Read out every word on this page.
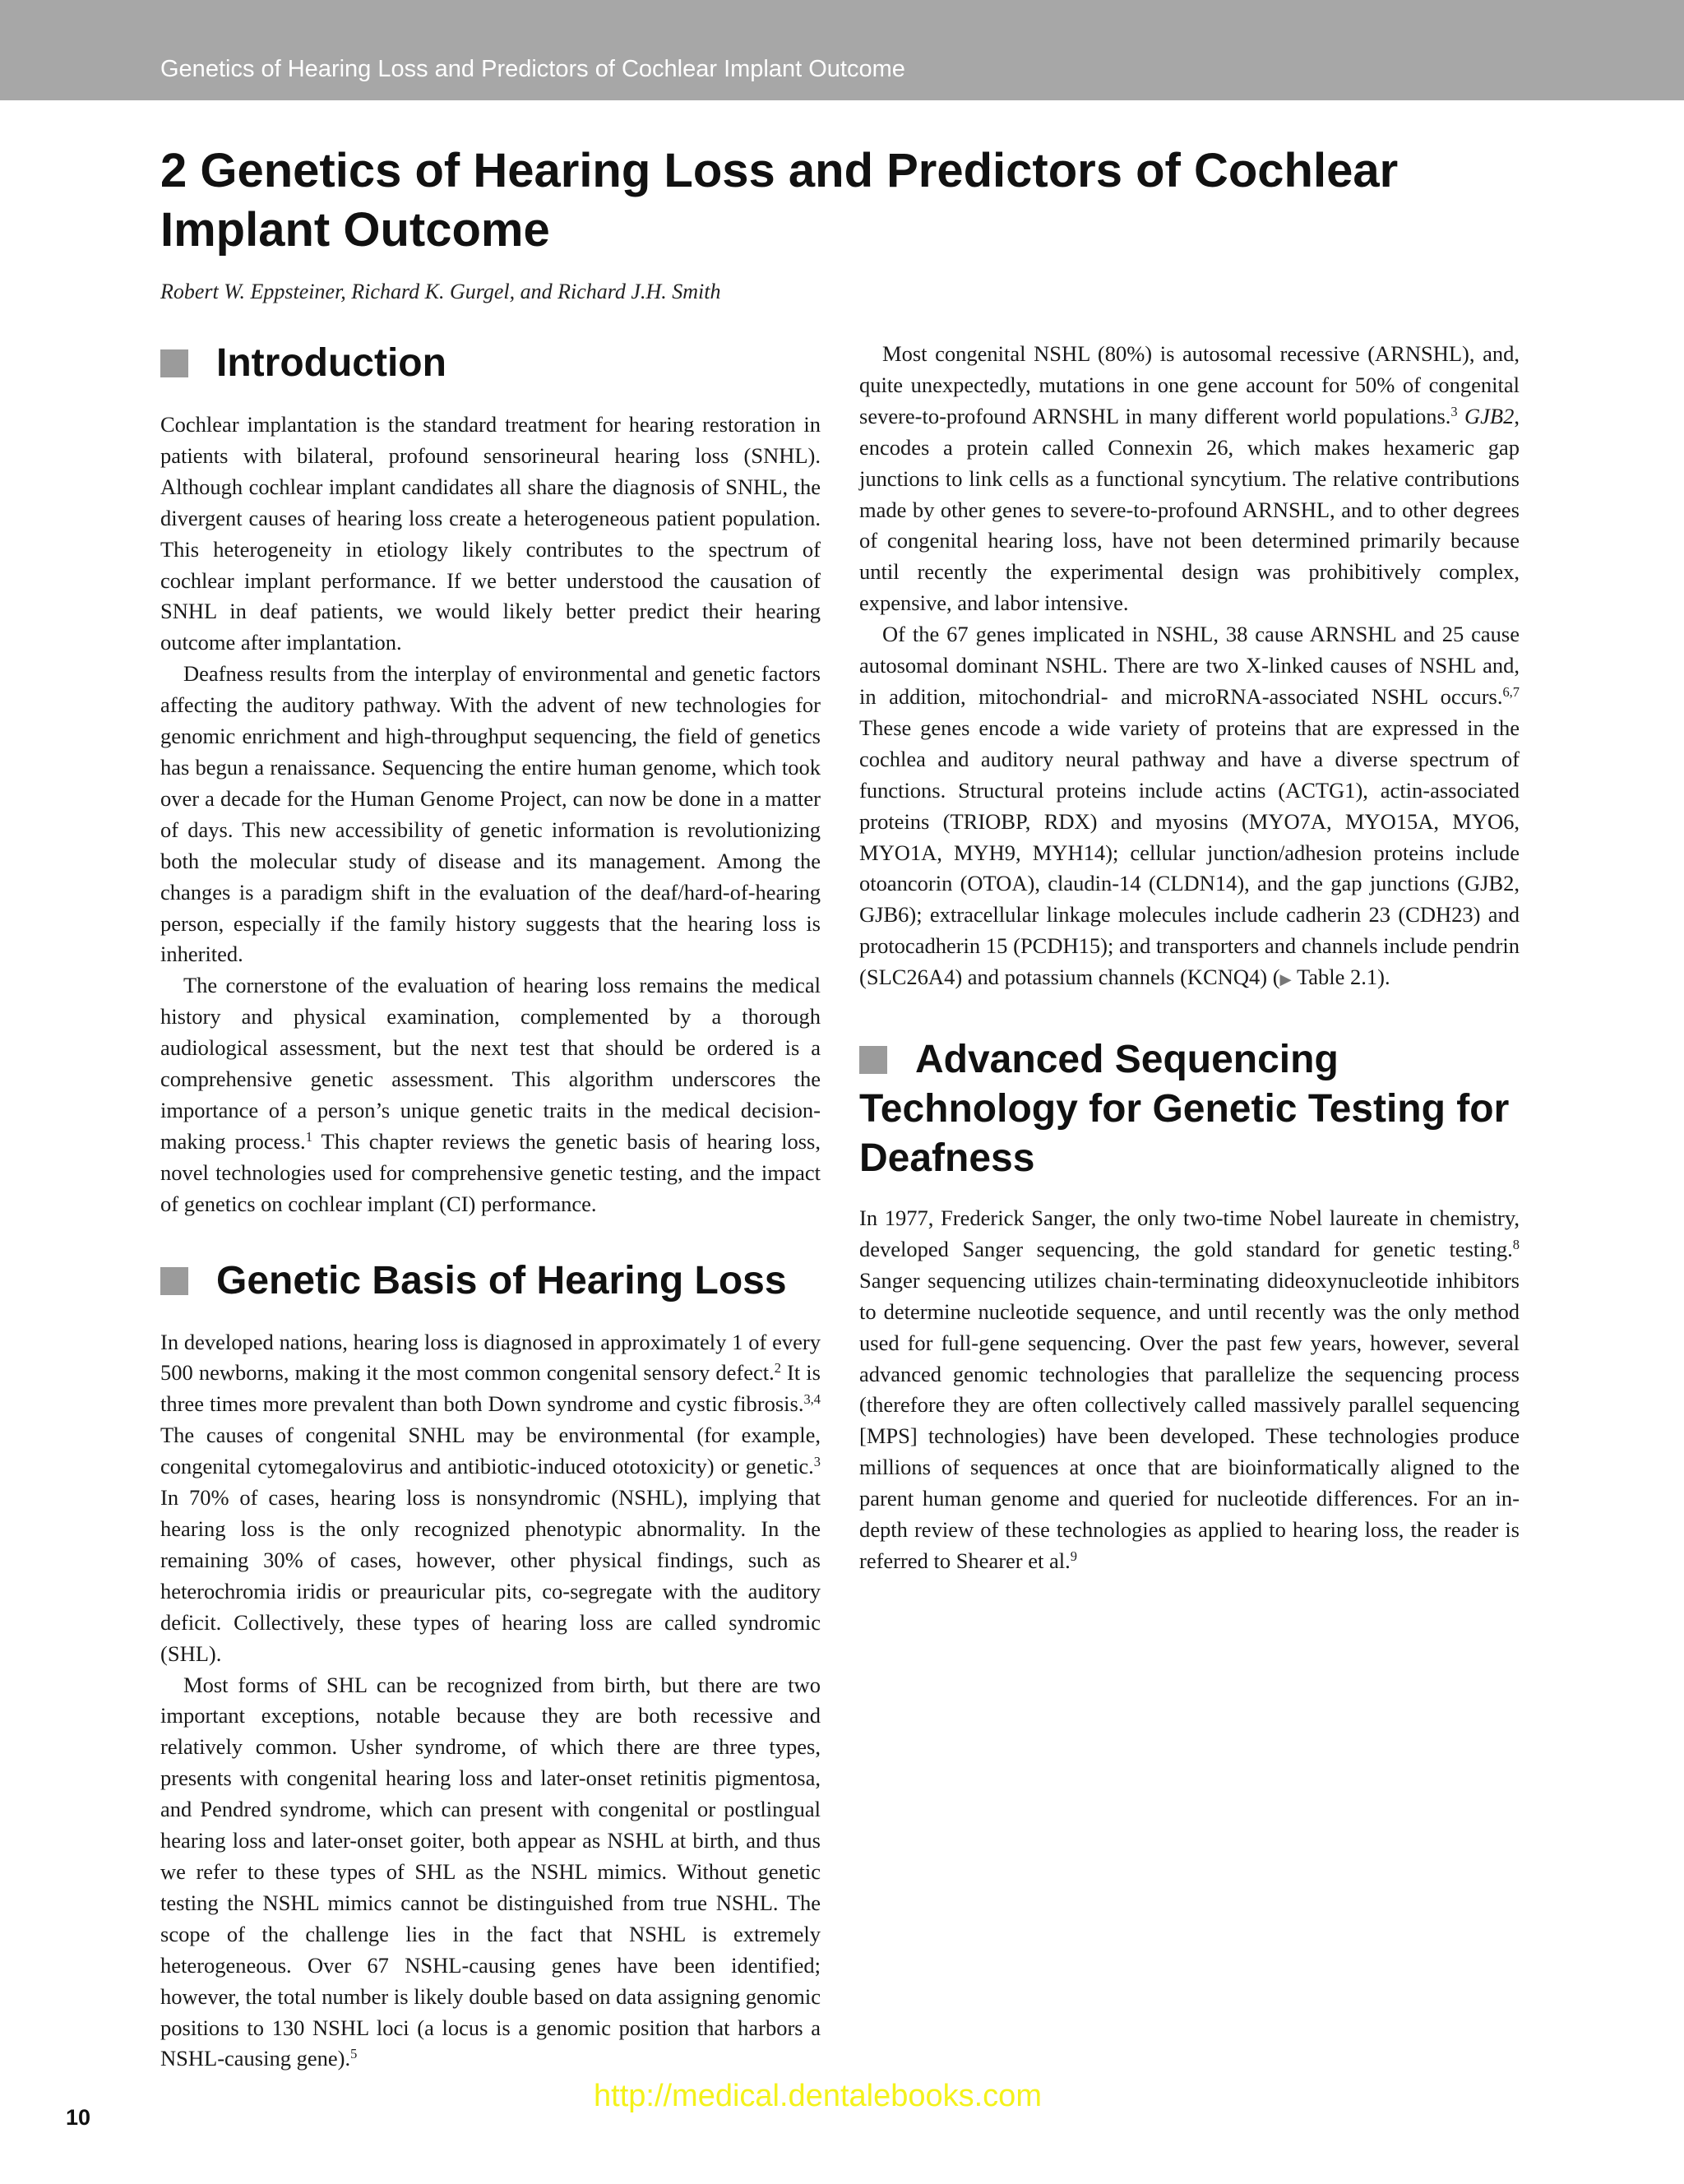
Genetics of Hearing Loss and Predictors of Cochlear Implant Outcome
2 Genetics of Hearing Loss and Predictors of Cochlear Implant Outcome

Robert W. Eppsteiner, Richard K. Gurgel, and Richard J.H. Smith

Introduction

Cochlear implantation is the standard treatment for hearing restoration in patients with bilateral, profound sensorineural hearing loss (SNHL). Although cochlear implant candidates all share the diagnosis of SNHL, the divergent causes of hearing loss create a heterogeneous patient population. This heterogeneity in etiology likely contributes to the spectrum of cochlear implant performance. If we better understood the causation of SNHL in deaf patients, we would likely better predict their hearing outcome after implantation.

Deafness results from the interplay of environmental and genetic factors affecting the auditory pathway. With the advent of new technologies for genomic enrichment and high-throughput sequencing, the field of genetics has begun a renaissance. Sequencing the entire human genome, which took over a decade for the Human Genome Project, can now be done in a matter of days. This new accessibility of genetic information is revolutionizing both the molecular study of disease and its management. Among the changes is a paradigm shift in the evaluation of the deaf/hard-of-hearing person, especially if the family history suggests that the hearing loss is inherited.

The cornerstone of the evaluation of hearing loss remains the medical history and physical examination, complemented by a thorough audiological assessment, but the next test that should be ordered is a comprehensive genetic assessment. This algorithm underscores the importance of a person’s unique genetic traits in the medical decision-making process.$^1$ This chapter reviews the genetic basis of hearing loss, novel technologies used for comprehensive genetic testing, and the impact of genetics on cochlear implant (CI) performance.

Genetic Basis of Hearing Loss

In developed nations, hearing loss is diagnosed in approximately 1 of every 500 newborns, making it the most common congenital sensory defect.$^2$ It is three times more prevalent than both Down syndrome and cystic fibrosis.$^{3,4}$ The causes of congenital SNHL may be environmental (for example, congenital cytomegalovirus and antibiotic-induced ototoxicity) or genetic.$^3$ In 70% of cases, hearing loss is nonsyndromic (NSHL), implying that hearing loss is the only recognized phenotypic abnormality. In the remaining 30% of cases, however, other physical findings, such as heterochromia iridis or preauricular pits, co-segregate with the auditory deficit. Collectively, these types of hearing loss are called syndromic (SHL).

Most forms of SHL can be recognized from birth, but there are two important exceptions, notable because they are both recessive and relatively common. Usher syndrome, of which there are three types, presents with congenital hearing loss and later-onset retinitis pigmentosa, and Pendred syndrome, which can present with congenital or postlingual hearing loss and later-onset goiter, both appear as NSHL at birth, and thus we refer to these types of SHL as the NSHL mimics. Without genetic testing the NSHL mimics cannot be distinguished from true NSHL. The scope of the challenge lies in the fact that NSHL is extremely heterogeneous. Over 67 NSHL-causing genes have been identified; however, the total number is likely double based on data assigning genomic positions to 130 NSHL loci (a locus is a genomic position that harbors a NSHL-causing gene).$^5$

Most congenital NSHL (80%) is autosomal recessive (ARNSHL), and, quite unexpectedly, mutations in one gene account for 50% of congenital severe-to-profound ARNSHL in many different world populations.$^3$ GJB2, encodes a protein called Connexin 26, which makes hexameric gap junctions to link cells as a functional syncytium. The relative contributions made by other genes to severe-to-profound ARNSHL, and to other degrees of congenital hearing loss, have not been determined primarily because until recently the experimental design was prohibitively complex, expensive, and labor intensive.

Of the 67 genes implicated in NSHL, 38 cause ARNSHL and 25 cause autosomal dominant NSHL. There are two X-linked causes of NSHL and, in addition, mitochondrial- and microRNA-associated NSHL occurs.$^{6,7}$ These genes encode a wide variety of proteins that are expressed in the cochlea and auditory neural pathway and have a diverse spectrum of functions. Structural proteins include actins (ACTG1), actin-associated proteins (TRIOBP, RDX) and myosins (MYO7A, MYO15A, MYO6, MYO1A, MYH9, MYH14); cellular junction/adhesion proteins include otoancorin (OTOA), claudin-14 (CLDN14), and the gap junctions (GJB2, GJB6); extracellular linkage molecules include cadherin 23 (CDH23) and protocadherin 15 (PCDH15); and transporters and channels include pendrin (SLC26A4) and potassium channels (KCNQ4) (▶ Table 2.1).

Advanced Sequencing Technology for Genetic Testing for Deafness

In 1977, Frederick Sanger, the only two-time Nobel laureate in chemistry, developed Sanger sequencing, the gold standard for genetic testing.$^8$ Sanger sequencing utilizes chain-terminating dideoxynucleotide inhibitors to determine nucleotide sequence, and until recently was the only method used for full-gene sequencing. Over the past few years, however, several advanced genomic technologies that parallelize the sequencing process (therefore they are often collectively called massively parallel sequencing [MPS] technologies) have been developed. These technologies produce millions of sequences at once that are bioinformatically aligned to the parent human genome and queried for nucleotide differences. For an in-depth review of these technologies as applied to hearing loss, the reader is referred to Shearer et al.$^9$

http://medical.dentalebooks.com
10
